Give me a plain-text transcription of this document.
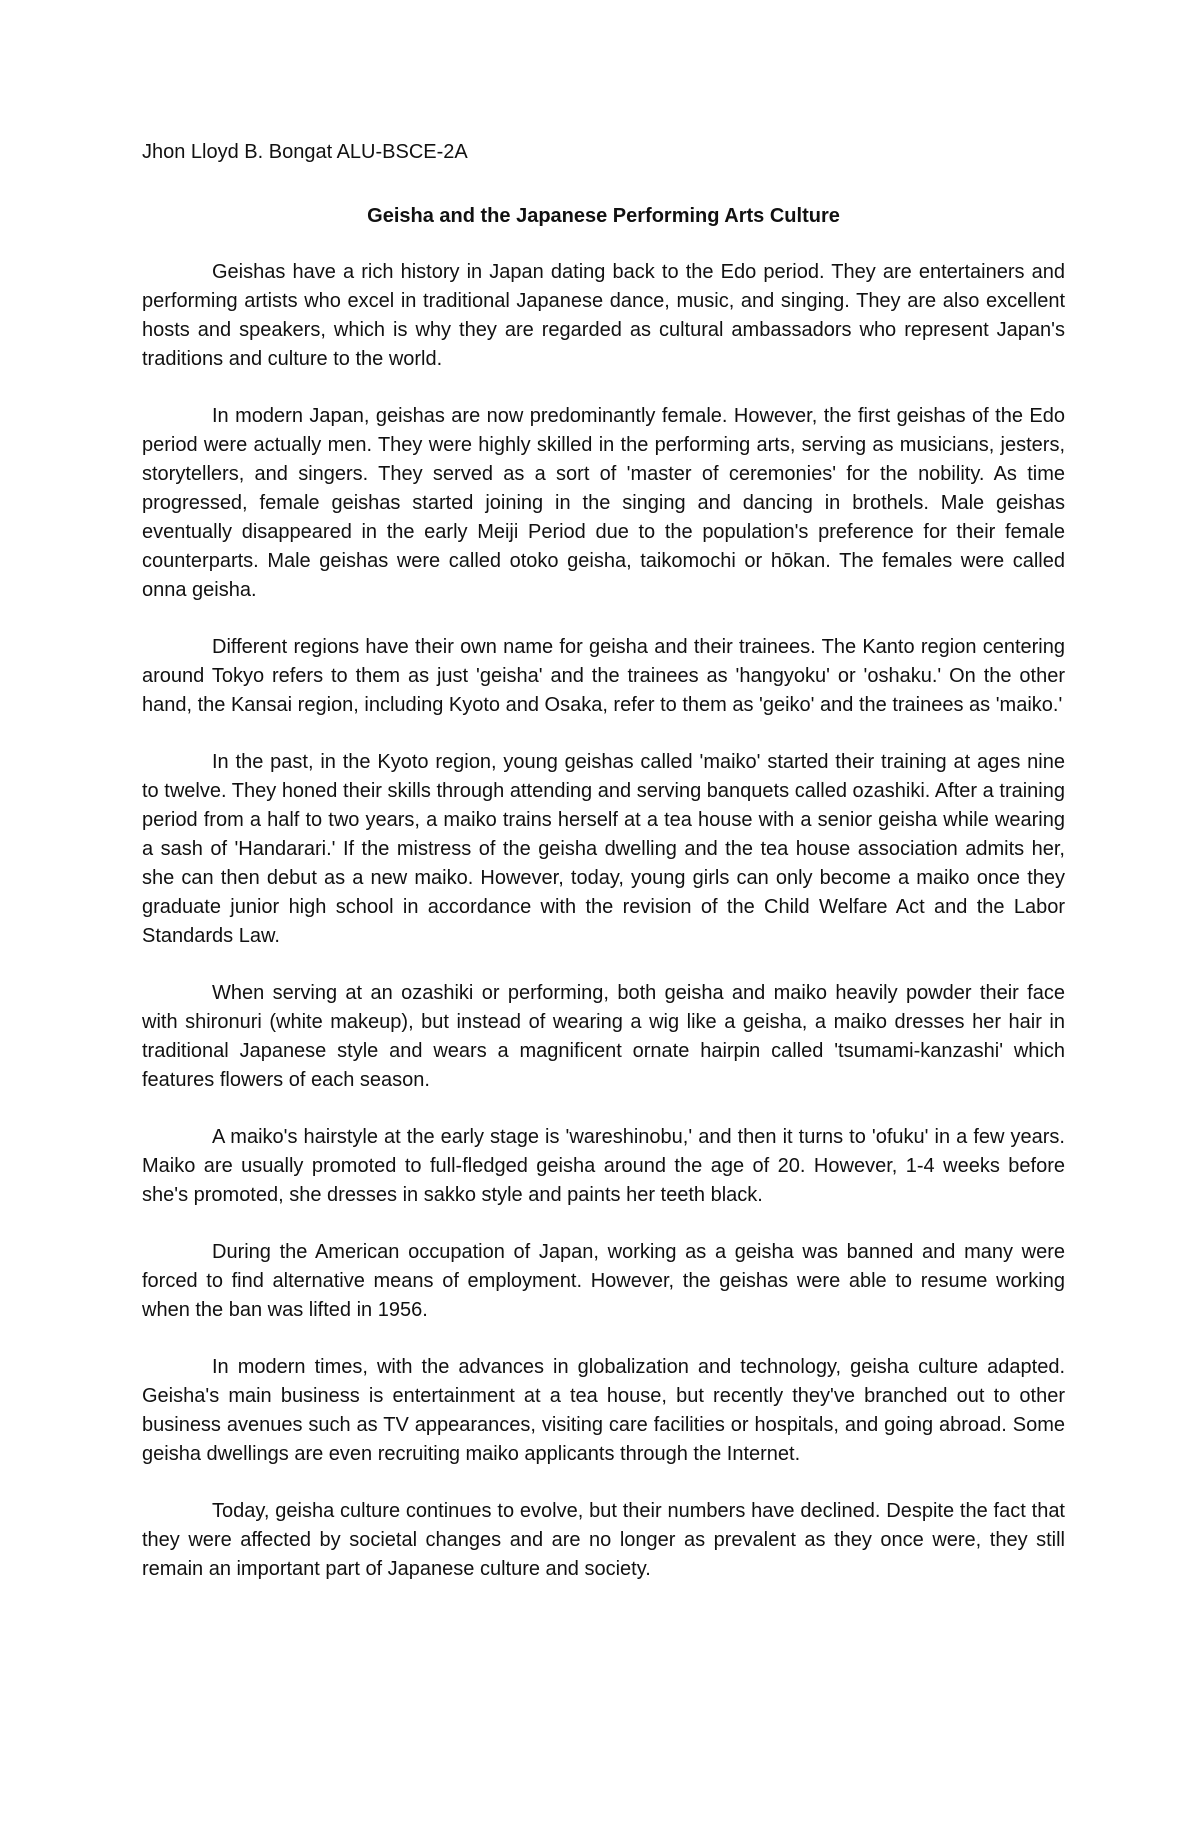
Jhon Lloyd B. Bongat ALU-BSCE-2A

Geisha and the Japanese Performing Arts Culture

Geishas have a rich history in Japan dating back to the Edo period. They are entertainers and performing artists who excel in traditional Japanese dance, music, and singing. They are also excellent hosts and speakers, which is why they are regarded as cultural ambassadors who represent Japan's traditions and culture to the world.

In modern Japan, geishas are now predominantly female. However, the first geishas of the Edo period were actually men. They were highly skilled in the performing arts, serving as musicians, jesters, storytellers, and singers. They served as a sort of 'master of ceremonies' for the nobility. As time progressed, female geishas started joining in the singing and dancing in brothels. Male geishas eventually disappeared in the early Meiji Period due to the population's preference for their female counterparts. Male geishas were called otoko geisha, taikomochi or hōkan. The females were called onna geisha.

Different regions have their own name for geisha and their trainees. The Kanto region centering around Tokyo refers to them as just 'geisha' and the trainees as 'hangyoku' or 'oshaku.' On the other hand, the Kansai region, including Kyoto and Osaka, refer to them as 'geiko' and the trainees as 'maiko.'

In the past, in the Kyoto region, young geishas called 'maiko' started their training at ages nine to twelve. They honed their skills through attending and serving banquets called ozashiki. After a training period from a half to two years, a maiko trains herself at a tea house with a senior geisha while wearing a sash of 'Handarari.' If the mistress of the geisha dwelling and the tea house association admits her, she can then debut as a new maiko. However, today, young girls can only become a maiko once they graduate junior high school in accordance with the revision of the Child Welfare Act and the Labor Standards Law.

When serving at an ozashiki or performing, both geisha and maiko heavily powder their face with shironuri (white makeup), but instead of wearing a wig like a geisha, a maiko dresses her hair in traditional Japanese style and wears a magnificent ornate hairpin called 'tsumami-kanzashi' which features flowers of each season.

A maiko's hairstyle at the early stage is 'wareshinobu,' and then it turns to 'ofuku' in a few years. Maiko are usually promoted to full-fledged geisha around the age of 20. However, 1-4 weeks before she's promoted, she dresses in sakko style and paints her teeth black.

During the American occupation of Japan, working as a geisha was banned and many were forced to find alternative means of employment. However, the geishas were able to resume working when the ban was lifted in 1956.

In modern times, with the advances in globalization and technology, geisha culture adapted. Geisha's main business is entertainment at a tea house, but recently they've branched out to other business avenues such as TV appearances, visiting care facilities or hospitals, and going abroad. Some geisha dwellings are even recruiting maiko applicants through the Internet.

Today, geisha culture continues to evolve, but their numbers have declined. Despite the fact that they were affected by societal changes and are no longer as prevalent as they once were, they still remain an important part of Japanese culture and society.
